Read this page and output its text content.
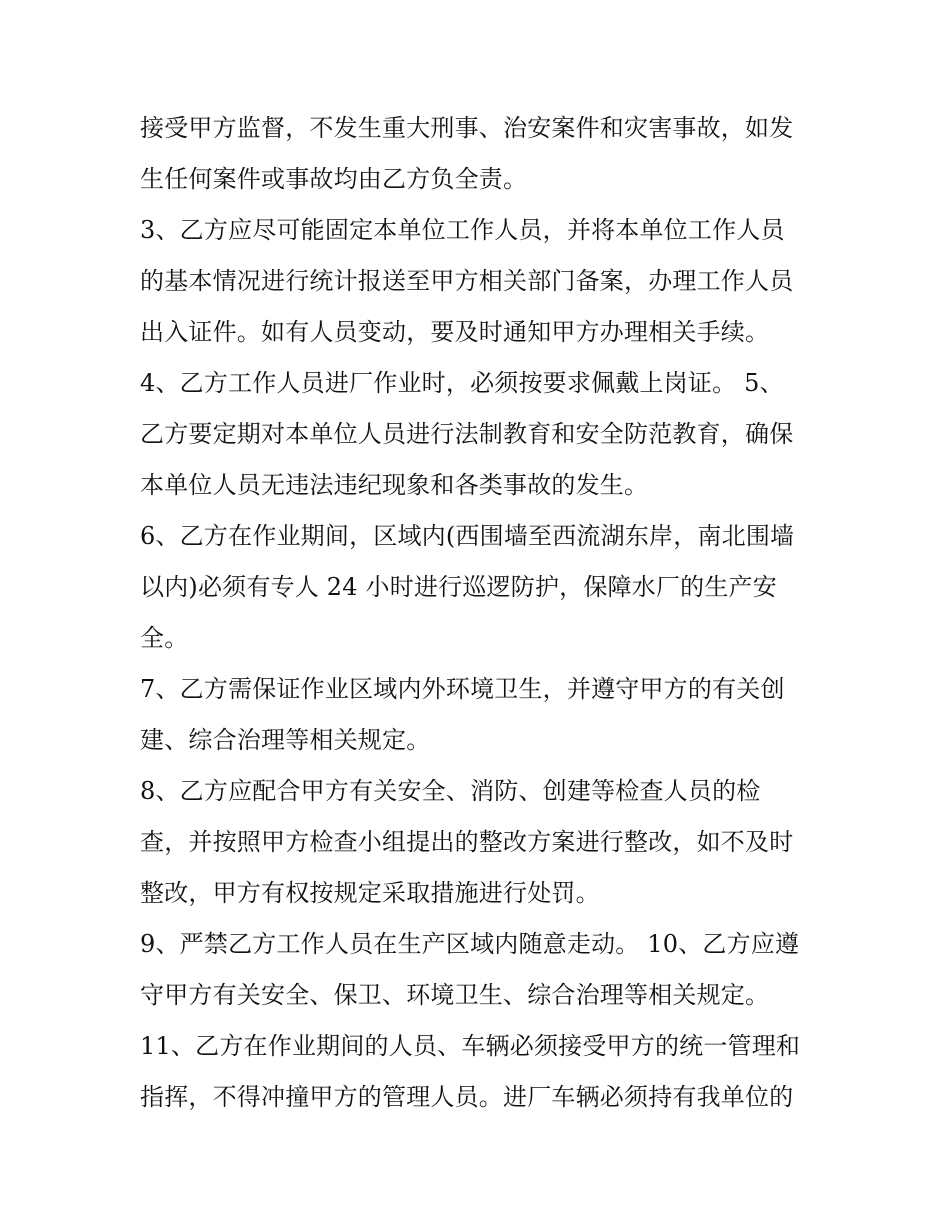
接受甲方监督，不发生重大刑事、治安案件和灾害事故，如发
生任何案件或事故均由乙方负全责。
3、乙方应尽可能固定本单位工作人员，并将本单位工作人员
的基本情况进行统计报送至甲方相关部门备案，办理工作人员
出入证件。如有人员变动，要及时通知甲方办理相关手续。
4、乙方工作人员进厂作业时，必须按要求佩戴上岗证。 5、
乙方要定期对本单位人员进行法制教育和安全防范教育，确保
本单位人员无违法违纪现象和各类事故的发生。
6、乙方在作业期间，区域内(西围墙至西流湖东岸，南北围墙
以内)必须有专人 24 小时进行巡逻防护，保障水厂的生产安
全。
7、乙方需保证作业区域内外环境卫生，并遵守甲方的有关创
建、综合治理等相关规定。
8、乙方应配合甲方有关安全、消防、创建等检查人员的检
查，并按照甲方检查小组提出的整改方案进行整改，如不及时
整改，甲方有权按规定采取措施进行处罚。
9、严禁乙方工作人员在生产区域内随意走动。 10、乙方应遵
守甲方有关安全、保卫、环境卫生、综合治理等相关规定。
11、乙方在作业期间的人员、车辆必须接受甲方的统一管理和
指挥，不得冲撞甲方的管理人员。进厂车辆必须持有我单位的
